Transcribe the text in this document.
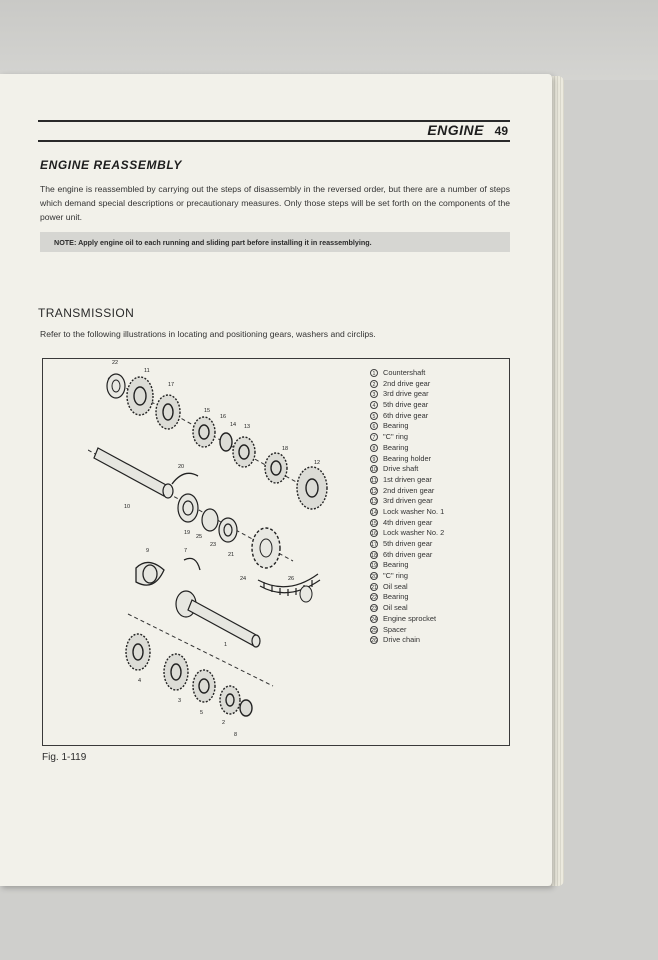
ENGINE 49
ENGINE REASSEMBLY
The engine is reassembled by carrying out the steps of disassembly in the reversed order, but there are a number of steps which demand special descriptions or precautionary measures. Only those steps will be set forth on the components of the power unit.
NOTE: Apply engine oil to each running and sliding part before installing it in reassemblying.
TRANSMISSION
Refer to the following illustrations in locating and positioning gears, washers and circlips.
22
11
17
15
16
14 13
18
12
20
10
19
25
23
21
24	26
9	7
1
4
3
5
2
8
1 Countershaft
2 2nd drive gear
3 3rd drive gear
4 5th drive gear
5 6th drive gear
6 Bearing
7 "C" ring
8 Bearing
9 Bearing holder
10 Drive shaft
11 1st driven gear
12 2nd driven gear
13 3rd driven gear
14 Lock washer No. 1
15 4th driven gear
16 Lock washer No. 2
17 5th driven gear
18 6th driven gear
19 Bearing
20 "C" ring
21 Oil seal
22 Bearing
23 Oil seal
24 Engine sprocket
25 Spacer
26 Drive chain
Fig. 1-119
